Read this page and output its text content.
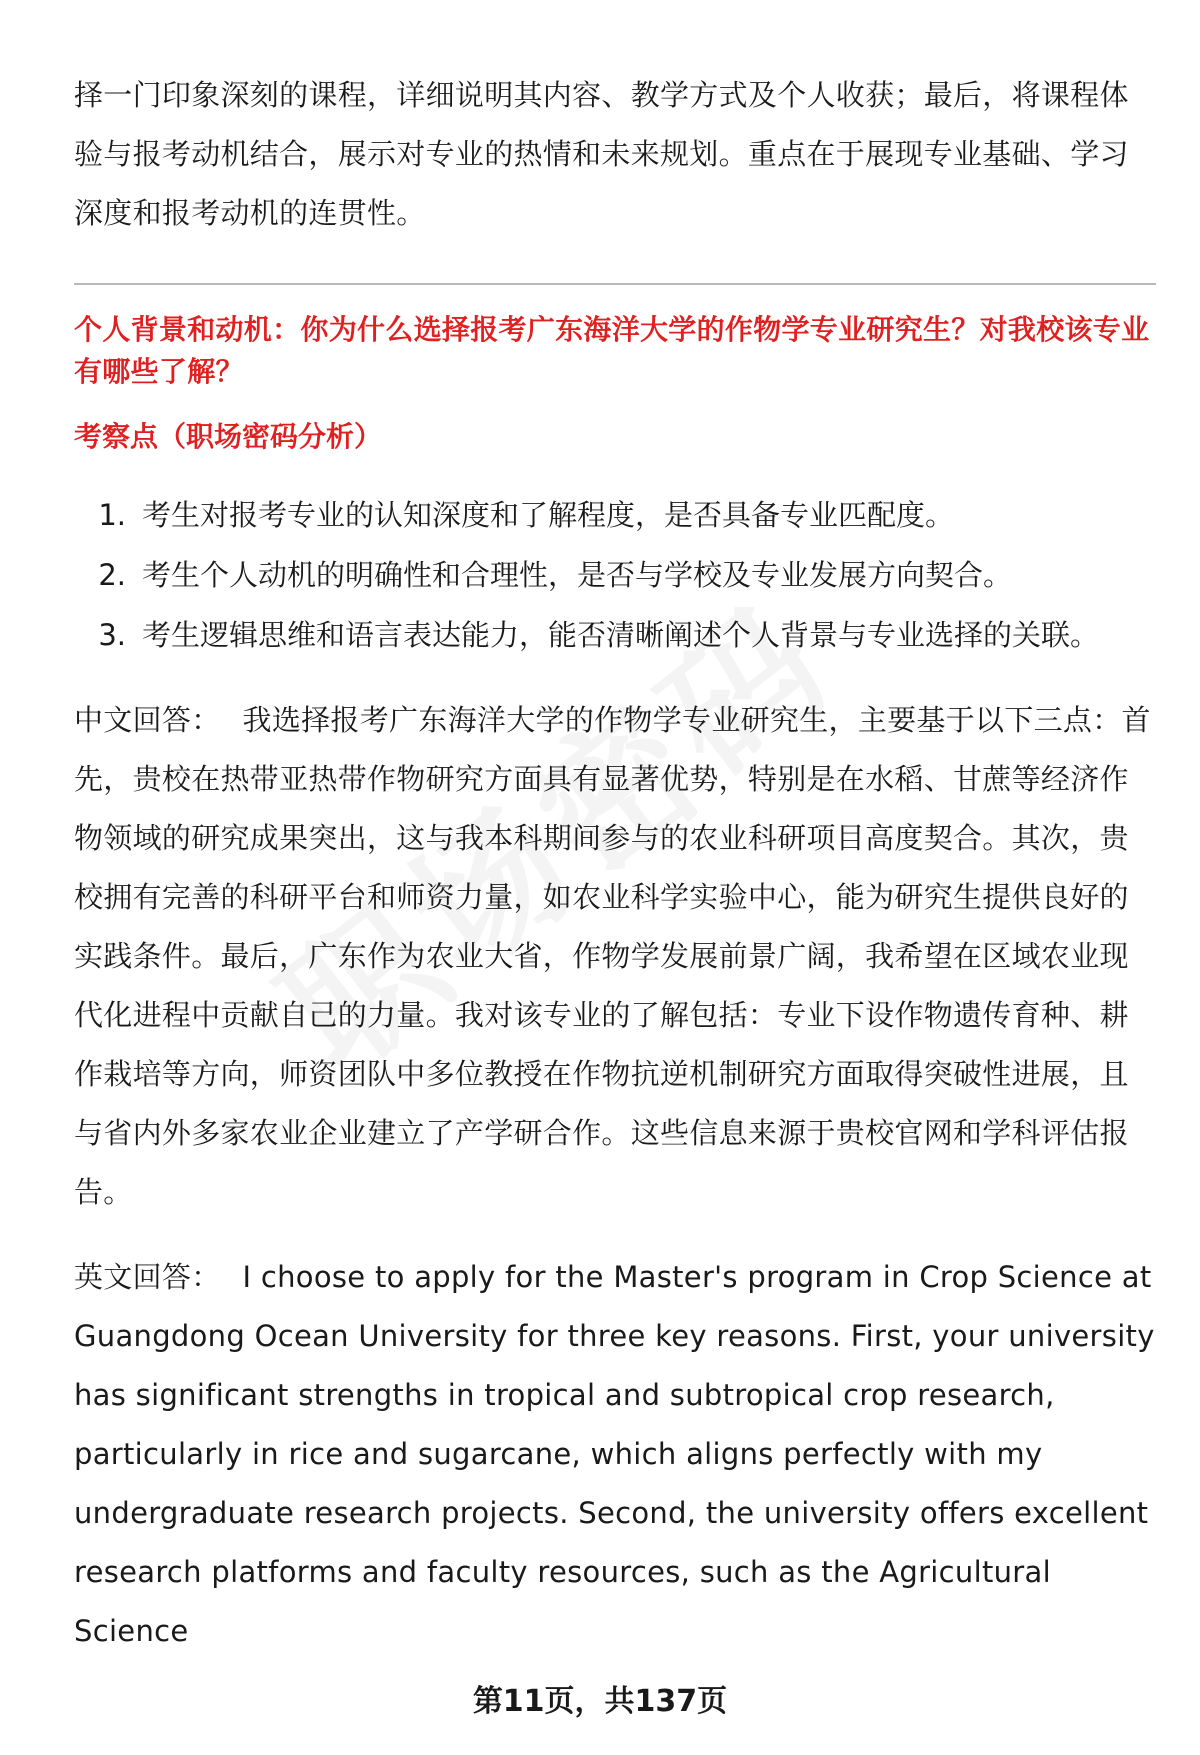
择一门印象深刻的课程，详细说明其内容、教学方式及个人收获；最后，将课程体验与报考动机结合，展示对专业的热情和未来规划。重点在于展现专业基础、学习深度和报考动机的连贯性。

个人背景和动机：你为什么选择报考广东海洋大学的作物学专业研究生？对我校该专业有哪些了解？

考察点（职场密码分析）

1. 考生对报考专业的认知深度和了解程度，是否具备专业匹配度。
2. 考生个人动机的明确性和合理性，是否与学校及专业发展方向契合。
3. 考生逻辑思维和语言表达能力，能否清晰阐述个人背景与专业选择的关联。

中文回答： 我选择报考广东海洋大学的作物学专业研究生，主要基于以下三点：首先，贵校在热带亚热带作物研究方面具有显著优势，特别是在水稻、甘蔗等经济作物领域的研究成果突出，这与我本科期间参与的农业科研项目高度契合。其次，贵校拥有完善的科研平台和师资力量，如农业科学实验中心，能为研究生提供良好的实践条件。最后，广东作为农业大省，作物学发展前景广阔，我希望在区域农业现代化进程中贡献自己的力量。我对该专业的了解包括：专业下设作物遗传育种、耕作栽培等方向，师资团队中多位教授在作物抗逆机制研究方面取得突破性进展，且与省内外多家农业企业建立了产学研合作。这些信息来源于贵校官网和学科评估报告。

英文回答： I choose to apply for the Master's program in Crop Science at Guangdong Ocean University for three key reasons. First, your university has significant strengths in tropical and subtropical crop research, particularly in rice and sugarcane, which aligns perfectly with my undergraduate research projects. Second, the university offers excellent research platforms and faculty resources, such as the Agricultural Science

第11页，共137页
